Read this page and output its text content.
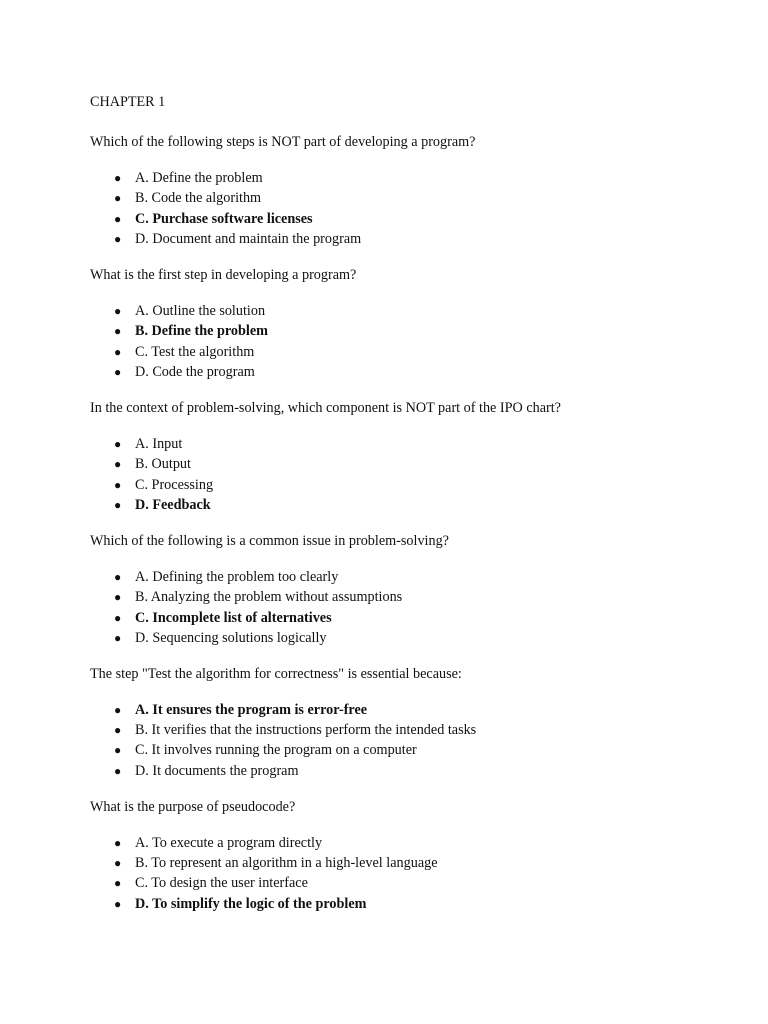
CHAPTER 1

Which of the following steps is NOT part of developing a program?

● A. Define the problem
● B. Code the algorithm
● C. Purchase software licenses
● D. Document and maintain the program

What is the first step in developing a program?

● A. Outline the solution
● B. Define the problem
● C. Test the algorithm
● D. Code the program

In the context of problem-solving, which component is NOT part of the IPO chart?

● A. Input
● B. Output
● C. Processing
● D. Feedback

Which of the following is a common issue in problem-solving?

● A. Defining the problem too clearly
● B. Analyzing the problem without assumptions
● C. Incomplete list of alternatives
● D. Sequencing solutions logically

The step "Test the algorithm for correctness" is essential because:

● A. It ensures the program is error-free
● B. It verifies that the instructions perform the intended tasks
● C. It involves running the program on a computer
● D. It documents the program

What is the purpose of pseudocode?

● A. To execute a program directly
● B. To represent an algorithm in a high-level language
● C. To design the user interface
● D. To simplify the logic of the problem
